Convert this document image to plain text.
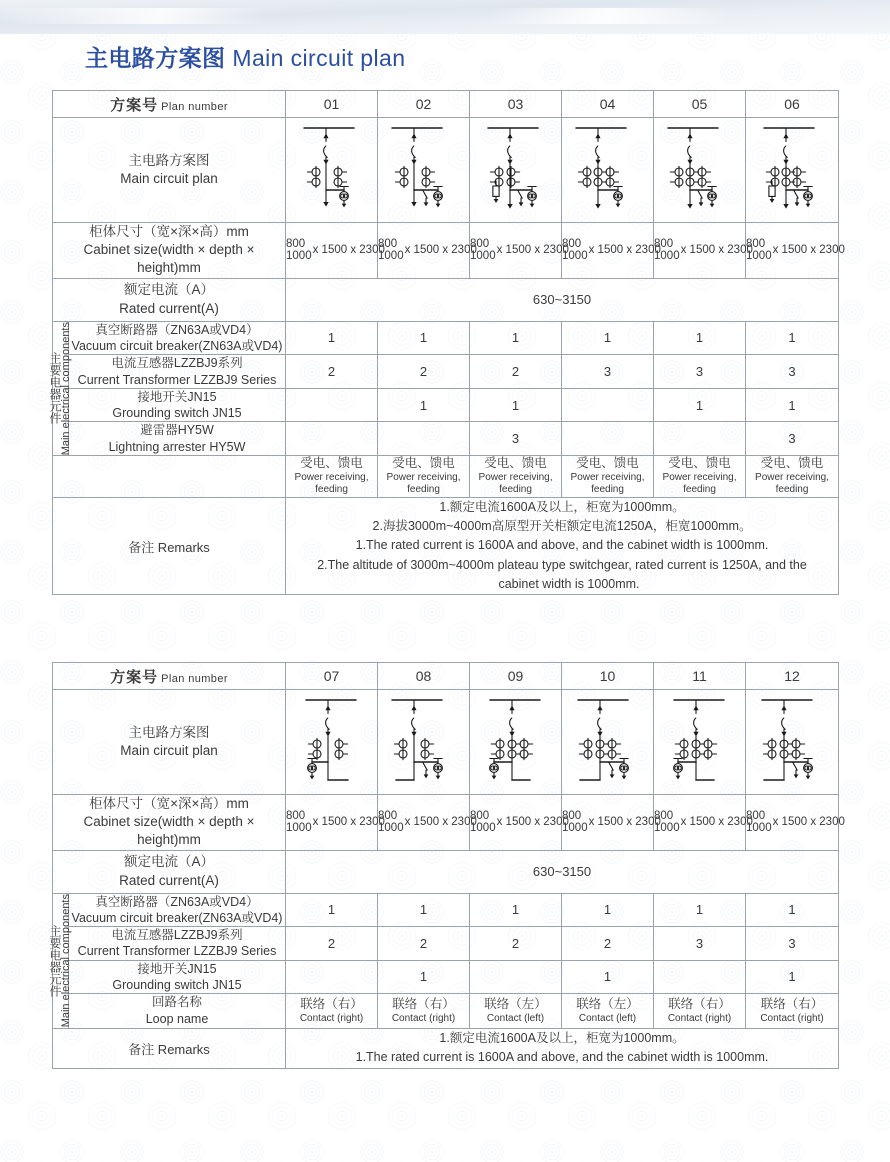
主电路方案图 Main circuit plan
方案号 Plan number		01	02	03	04	05	06

主电路方案图
Main circuit plan

柜体尺寸（宽×深×高）mm
Cabinet size(width × depth × height)mm		800
1000
x 1500 x 2300	800
1000
x 1500 x 2300	800
1000
x 1500 x 2300	800
1000
x 1500 x 2300	800
1000
x 1500 x 2300	800
1000
x 1500 x 2300

额定电流（A）
Rated current(A)		630~3150					

主要电器元件
Main electrical components	真空断路器（ZN63A或VD4）
Vacuum circuit breaker(ZN63A或VD4)	1	1	1	1	1	1

	电流互感器LZZBJ9系列
Current Transformer LZZBJ9 Series	2	2	2	3	3	3

	接地开关JN15
Grounding switch JN15		1	1		1	1

	避雷器HY5W
Lightning arrester HY5W			3			3

		受电、馈电
Power receiving, feeding	受电、馈电
Power receiving, feeding	受电、馈电
Power receiving, feeding	受电、馈电
Power receiving, feeding	受电、馈电
Power receiving, feeding	受电、馈电
Power receiving, feeding

备注 Remarks		1.额定电流1600A及以上，柜宽为1000mm。
2.海拔3000m~4000m高原型开关柜额定电流1250A，柜宽1000mm。
1.The rated current is 1600A and above, and the cabinet width is 1000mm.
2.The altitude of 3000m~4000m plateau type switchgear, rated current is 1250A, and the
cabinet width is 1000mm.					
方案号 Plan number		07	08	09	10	11	12

主电路方案图
Main circuit plan

柜体尺寸（宽×深×高）mm
Cabinet size(width × depth × height)mm		800
1000
x 1500 x 2300	800
1000
x 1500 x 2300	800
1000
x 1500 x 2300	800
1000
x 1500 x 2300	800
1000
x 1500 x 2300	800
1000
x 1500 x 2300

额定电流（A）
Rated current(A)		630~3150					

主要电器元件
Main electrical components	真空断路器（ZN63A或VD4）
Vacuum circuit breaker(ZN63A或VD4)	1	1	1	1	1	1

	电流互感器LZZBJ9系列
Current Transformer LZZBJ9 Series	2	2	2	2	3	3

	接地开关JN15
Grounding switch JN15		1		1		1

	回路名称
Loop name	联络（右）
Contact (right)	联络（右）
Contact (right)	联络（左）
Contact (left)	联络（左）
Contact (left)	联络（右）
Contact (right)	联络（右）
Contact (right)

备注 Remarks		1.额定电流1600A及以上，柜宽为1000mm。
1.The rated current is 1600A and above, and the cabinet width is 1000mm.					
